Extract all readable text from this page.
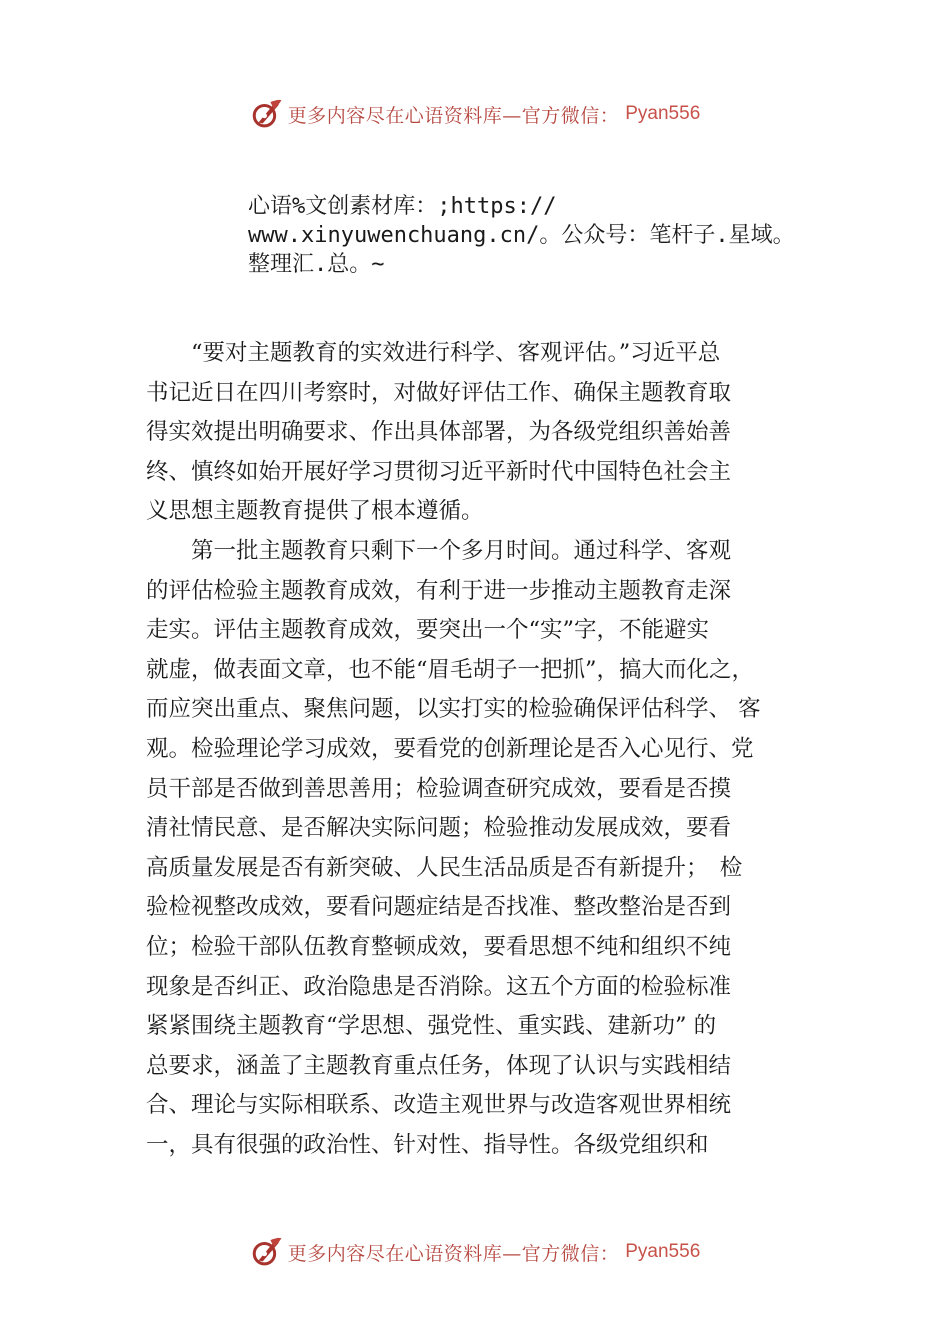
更多内容尽在心语资料库—官方微信： Pyan556
心语%文创素材库：;https://
www.xinyuwenchuang.cn/。公众号：笔杆子.星域。
整理汇.总。~
　　“要对主题教育的实效进行科学、客观评估。”习近平总
书记近日在四川考察时，对做好评估工作、确保主题教育取
得实效提出明确要求、作出具体部署，为各级党组织善始善
终、慎终如始开展好学习贯彻习近平新时代中国特色社会主
义思想主题教育提供了根本遵循。
　　第一批主题教育只剩下一个多月时间。通过科学、客观
的评估检验主题教育成效，有利于进一步推动主题教育走深
走实。评估主题教育成效，要突出一个“实”字，不能避实
就虚，做表面文章，也不能“眉毛胡子一把抓”，搞大而化之，
而应突出重点、聚焦问题，以实打实的检验确保评估科学、 客
观。检验理论学习成效，要看党的创新理论是否入心见行、党
员干部是否做到善思善用；检验调查研究成效，要看是否摸
清社情民意、是否解决实际问题；检验推动发展成效，要看
高质量发展是否有新突破、人民生活品质是否有新提升；　检
验检视整改成效，要看问题症结是否找准、整改整治是否到
位；检验干部队伍教育整顿成效，要看思想不纯和组织不纯
现象是否纠正、政治隐患是否消除。这五个方面的检验标准
紧紧围绕主题教育“学思想、强党性、重实践、建新功” 的
总要求，涵盖了主题教育重点任务，体现了认识与实践相结
合、理论与实际相联系、改造主观世界与改造客观世界相统
一，具有很强的政治性、针对性、指导性。各级党组织和
更多内容尽在心语资料库—官方微信： Pyan556
